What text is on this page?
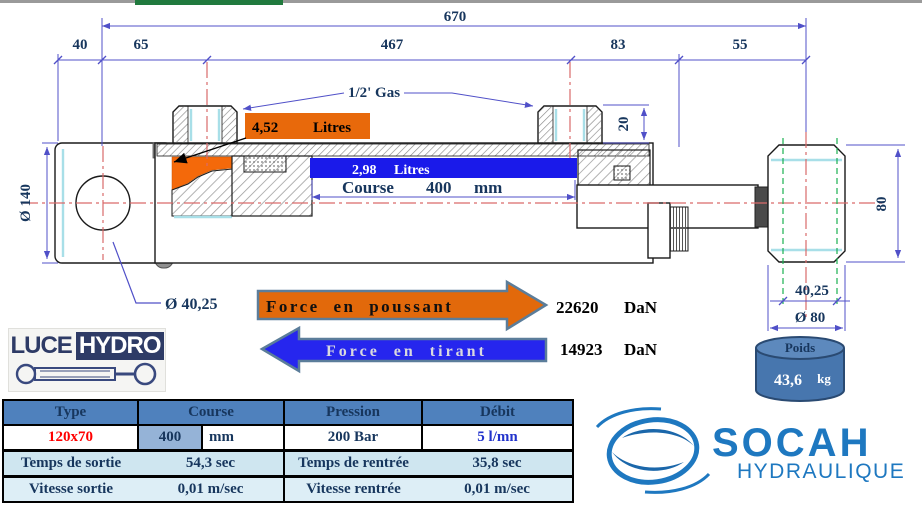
4,52 Litres
2,98 Litres
Course 400 mm
670
40	65	467	83	55
Ø 140
20
1/2' Gas
Ø 40,25
80
40,25
Ø 80
Force en poussant	22620 DaN
Force en tirant	14923 DaN	Poids
43,6 kg
SOCAH
HYDRAULIQUE
LUCE HYDRO
Type	Course		Pression	Débit
120x70	400	mm	200 Bar	5 l/mn
Temps de sortie	54,3 sec		Temps de rentrée	35,8 sec
Vitesse sortie	0,01 m/sec		Vitesse rentrée	0,01 m/sec
